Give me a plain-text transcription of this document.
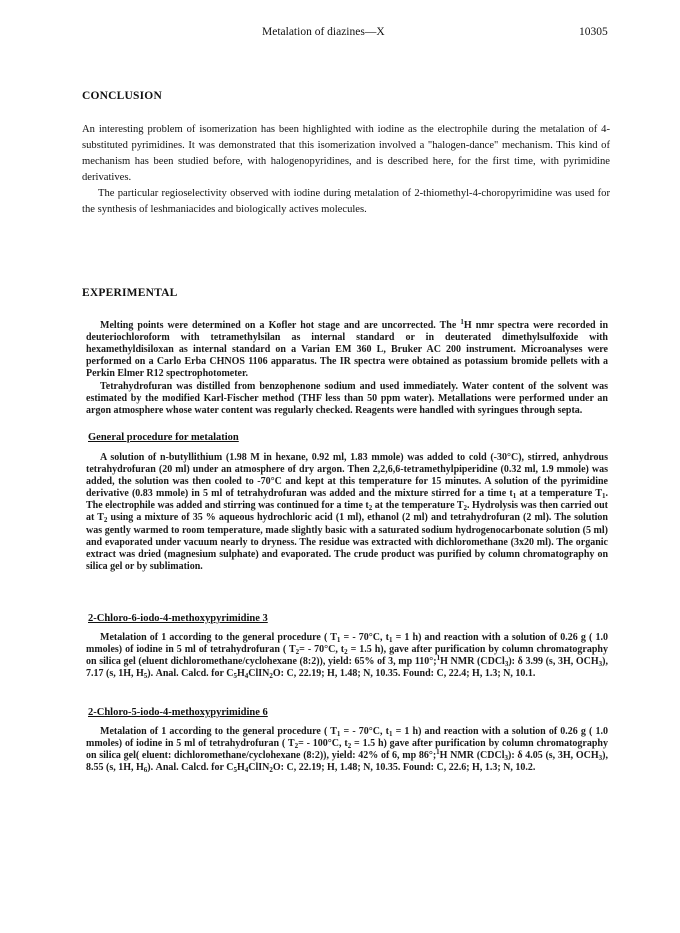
Metalation of diazines—X	10305
CONCLUSION

An interesting problem of isomerization has been highlighted with iodine as the electrophile during the metalation of 4-substituted pyrimidines. It was demonstrated that this isomerization involved a "halogen-dance" mechanism. This kind of mechanism has been studied before, with halogenopyridines, and is described here, for the first time, with pyrimidine derivatives.

The particular regioselectivity observed with iodine during metalation of 2-thiomethyl-4-choropyrimidine was used for the synthesis of leshmaniacides and biologically actives molecules.

EXPERIMENTAL

Melting points were determined on a Kofler hot stage and are uncorrected. The $^1$H nmr spectra were recorded in deuteriochloroform with tetramethylsilan as internal standard or in deuterated dimethylsulfoxide with hexamethyldisiloxan as internal standard on a Varian EM 360 L, Bruker AC 200 instrument. Microanalyses were performed on a Carlo Erba CHNOS 1106 apparatus. The IR spectra were obtained as potassium bromide pellets with a Perkin Elmer R12 spectrophotometer.

Tetrahydrofuran was distilled from benzophenone sodium and used immediately. Water content of the solvent was estimated by the modified Karl-Fischer method (THF less than 50 ppm water). Metallations were performed under an argon atmosphere whose water content was regularly checked. Reagents were handled with syringues through septa.

General procedure for metalation

A solution of n-butyllithium (1.98 M in hexane, 0.92 ml, 1.83 mmole) was added to cold (-30°C), stirred, anhydrous tetrahydrofuran (20 ml) under an atmosphere of dry argon. Then 2,2,6,6-tetramethylpiperidine (0.32 ml, 1.9 mmole) was added, the solution was then cooled to -70°C and kept at this temperature for 15 minutes. A solution of the pyrimidine derivative (0.83 mmole) in 5 ml of tetrahydrofuran was added and the mixture stirred for a time $t_1$ at a temperature $T_1$. The electrophile was added and stirring was continued for a time $t_2$ at the temperature $T_2$. Hydrolysis was then carried out at $T_2$ using a mixture of 35 % aqueous hydrochloric acid (1 ml), ethanol (2 ml) and tetrahydrofuran (2 ml). The solution was gently warmed to room temperature, made slightly basic with a saturated sodium hydrogenocarbonate solution (5 ml) and evaporated under vacuum nearly to dryness. The residue was extracted with dichloromethane (3x20 ml). The organic extract was dried (magnesium sulphate) and evaporated. The crude product was purified by column chromatography on silica gel or by sublimation.

2-Chloro-6-iodo-4-methoxypyrimidine 3

Metalation of 1 according to the general procedure ( $T_1$ = - 70°C, $t_1 = 1$ h) and reaction with a solution of 0.26 g ( 1.0 mmoles) of iodine in 5 ml of tetrahydrofuran ( $T_2= - 70^\circ C$, $t_2 = 1.5$ h), gave after purification by column chromatography on silica gel (eluent dichloromethane/cyclohexane (8:2)), yield: 65% of 3, mp 110°;$^1$H NMR (CDCl$_3$): δ 3.99 (s, 3H, $OCH_3$), 7.17 (s, 1H, $H_5$). Anal. Calcd. for $C_5H_4ClIN_2O$: C, 22.19; H, 1.48; N, 10.35. Found: C, 22.4; H, 1.3; N, 10.1.

2-Chloro-5-iodo-4-methoxypyrimidine 6

Metalation of 1 according to the general procedure ( $T_1$ = - 70°C, $t_1 = 1$ h) and reaction with a solution of 0.26 g ( 1.0 mmoles) of iodine in 5 ml of tetrahydrofuran ( $T_2= - 100^\circ C$, $t_2 = 1.5$ h) gave after purification by column chromatography on silica gel( eluent: dichloromethane/cyclohexane (8:2)), yield: 42% of 6, mp 86°;$^1$H NMR (CDCl$_3$): δ 4.05 (s, 3H, $OCH_3$), 8.55 (s, 1H, $H_6$). Anal. Calcd. for $C_5H_4ClIN_2O$: C, 22.19; H, 1.48; N, 10.35. Found: C, 22.6; H, 1.3; N, 10.2.
